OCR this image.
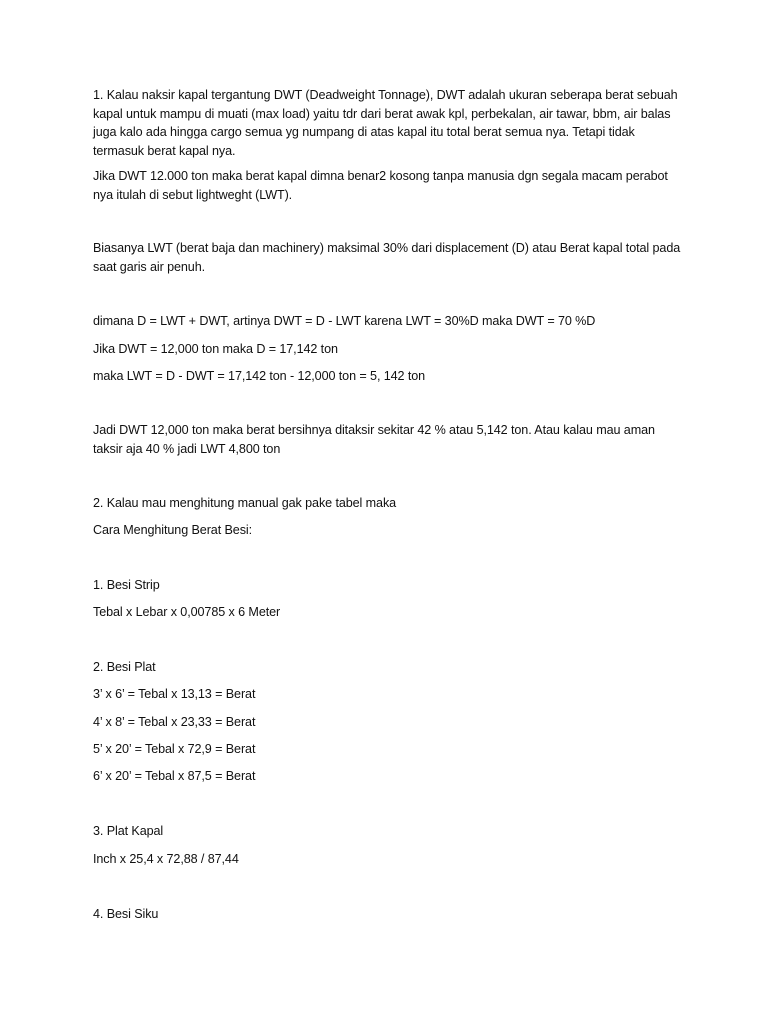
1. Kalau naksir kapal tergantung DWT (Deadweight Tonnage), DWT adalah ukuran seberapa berat sebuah kapal untuk mampu di muati (max load) yaitu tdr dari berat awak kpl, perbekalan, air tawar, bbm, air balas juga kalo ada hingga cargo semua yg numpang di atas kapal itu total berat semua nya. Tetapi tidak termasuk berat kapal nya.
Jika DWT 12.000 ton maka berat kapal dimna benar2 kosong tanpa manusia dgn segala macam perabot nya itulah di sebut lightweght (LWT).
Biasanya LWT (berat baja dan machinery) maksimal 30% dari displacement (D) atau Berat kapal total pada saat garis air penuh.
dimana D = LWT + DWT, artinya DWT = D - LWT karena LWT = 30%D maka DWT = 70 %D
Jika DWT = 12,000 ton maka D = 17,142 ton
maka LWT = D - DWT = 17,142 ton - 12,000 ton = 5, 142 ton
Jadi DWT 12,000 ton maka berat bersihnya ditaksir sekitar 42 % atau 5,142 ton. Atau kalau mau aman taksir aja 40 % jadi LWT 4,800 ton
2. Kalau mau menghitung manual gak pake tabel maka
Cara Menghitung Berat Besi:
1. Besi Strip
Tebal x Lebar x 0,00785 x 6 Meter
2. Besi Plat
3’ x 6’ = Tebal x 13,13 = Berat
4’ x 8’ = Tebal x 23,33 = Berat
5’ x 20’ = Tebal x 72,9 = Berat
6’ x 20’ = Tebal x 87,5 = Berat
3. Plat Kapal
Inch x 25,4 x 72,88 / 87,44
4. Besi Siku
